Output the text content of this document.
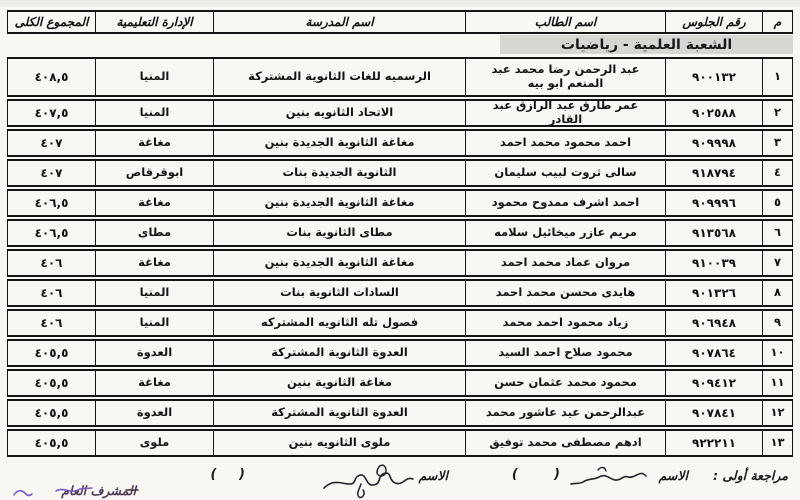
م
رقم الجلوس
اسم الطالب
اسم المدرسة
الإدارة التعليمية
المجموع الكلى
الشعبة العلمية - رياضيات
١
٩٠٠١٣٢
عبد الرحمن رضا محمد عبد المنعم ابو بيه
الرسميه للغات الثانوية المشتركة
المنيا
٤٠٨,٥
٢
٩٠٢٥٨٨
عمر طارق عبد الرازق عبد القادر
الاتحاد الثانويه بنين
المنيا
٤٠٧,٥
٣
٩٠٩٩٩٨
احمد محمود محمد احمد
مغاغة الثانوية الجديدة بنين
مغاغة
٤٠٧
٤
٩١٨٧٩٤
سالى ثروت لبيب سليمان
الثانوية الجديدة بنات
ابوقرقاص
٤٠٧
٥
٩٠٩٩٩٦
احمد اشرف ممدوح محمود
مغاغة الثانوية الجديدة بنين
مغاغة
٤٠٦,٥
٦
٩١٣٥٦٨
مريم عازر ميخائيل سلامه
مطاى الثانوية بنات
مطاى
٤٠٦,٥
٧
٩١٠٠٣٩
مروان عماد محمد احمد
مغاغة الثانوية الجديدة بنين
مغاغة
٤٠٦
٨
٩٠١٣٢٦
هايدى محسن محمد احمد
السادات الثانوية بنات
المنيا
٤٠٦
٩
٩٠٦٩٤٨
زياد محمود احمد محمد
فصول تله الثانويه المشتركه
المنيا
٤٠٦
١٠
٩٠٧٨٦٤
محمود صلاح احمد السيد
العدوة الثانوية المشتركة
العدوة
٤٠٥,٥
١١
٩٠٩٤١٢
محمود محمد عثمان حسن
مغاغة الثانوية بنين
مغاغة
٤٠٥,٥
١٢
٩٠٧٨٤١
عبدالرحمن عيد عاشور محمد
العدوة الثانوية المشتركة
العدوة
٤٠٥,٥
١٣
٩٢٢٢١١
ادهم مصطفى محمد توفيق
ملوى الثانويه بنين
ملوى
٤٠٥,٥
مراجعة أولى :
الاسم
(        )
الاسم
(     )
المشرف العام
